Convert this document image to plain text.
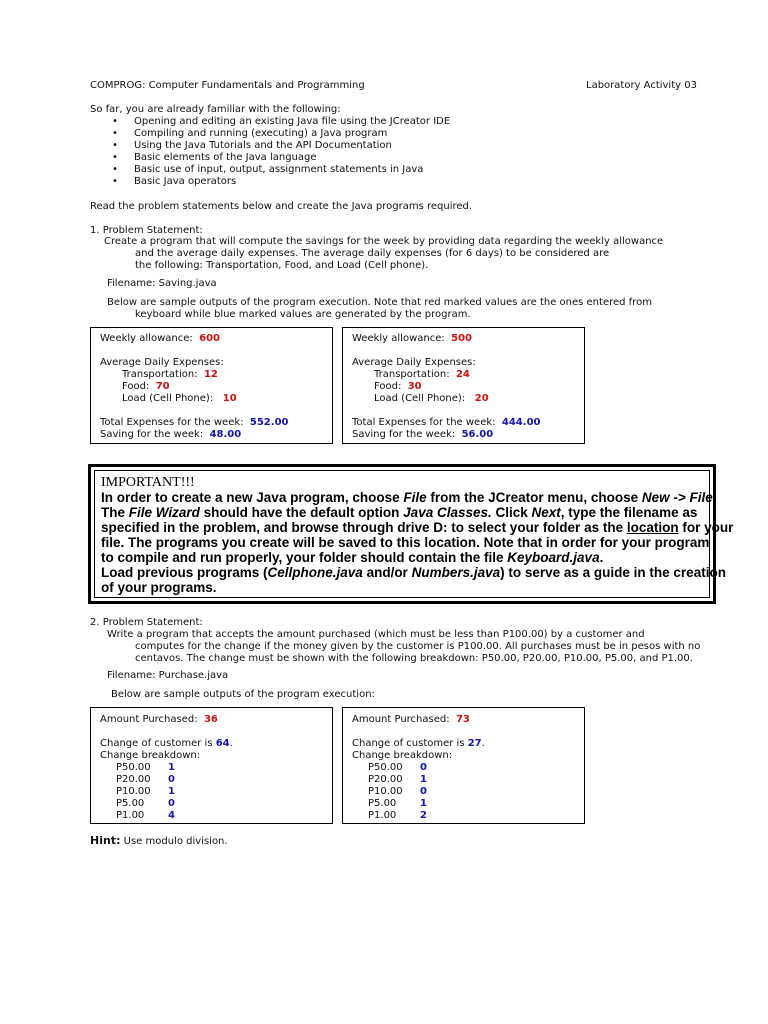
COMPROG: Computer Fundamentals and Programming	Laboratory Activity 03
So far, you are already familiar with the following:
• Opening and editing an existing Java file using the JCreator IDE
• Compiling and running (executing) a Java program
• Using the Java Tutorials and the API Documentation
• Basic elements of the Java language
• Basic use of input, output, assignment statements in Java
• Basic Java operators
Read the problem statements below and create the Java programs required.
1. Problem Statement:
Create a program that will compute the savings for the week by providing data regarding the weekly allowance
and the average daily expenses. The average daily expenses (for 6 days) to be considered are
the following: Transportation, Food, and Load (Cell phone).
Filename: Saving.java
Below are sample outputs of the program execution. Note that red marked values are the ones entered from
keyboard while blue marked values are generated by the program.
Weekly allowance: 600
Average Daily Expenses:
Transportation: 12
Food: 70
Load (Cell Phone): 10
Total Expenses for the week: 552.00
Saving for the week: 48.00
Weekly allowance: 500
Average Daily Expenses:
Transportation: 24
Food: 30
Load (Cell Phone): 20
Total Expenses for the week: 444.00
Saving for the week: 56.00
IMPORTANT!!!
In order to create a new Java program, choose File from the JCreator menu, choose New -> File.
The File Wizard should have the default option Java Classes. Click Next, type the filename as
specified in the problem, and browse through drive D: to select your folder as the location for your
file. The programs you create will be saved to this location. Note that in order for your program
to compile and run properly, your folder should contain the file Keyboard.java.
Load previous programs (Cellphone.java and/or Numbers.java) to serve as a guide in the creation
of your programs.
2. Problem Statement:
Write a program that accepts the amount purchased (which must be less than P100.00) by a customer and
computes for the change if the money given by the customer is P100.00. All purchases must be in pesos with no
centavos. The change must be shown with the following breakdown: P50.00, P20.00, P10.00, P5.00, and P1.00.
Filename: Purchase.java
Below are sample outputs of the program execution:
Amount Purchased: 36
Change of customer is 64.
Change breakdown:
P50.00 1
P20.00 0
P10.00 1
P5.00 0
P1.00 4
Amount Purchased: 73
Change of customer is 27.
Change breakdown:
P50.00 0
P20.00 1
P10.00 0
P5.00 1
P1.00 2
Hint: Use modulo division.
